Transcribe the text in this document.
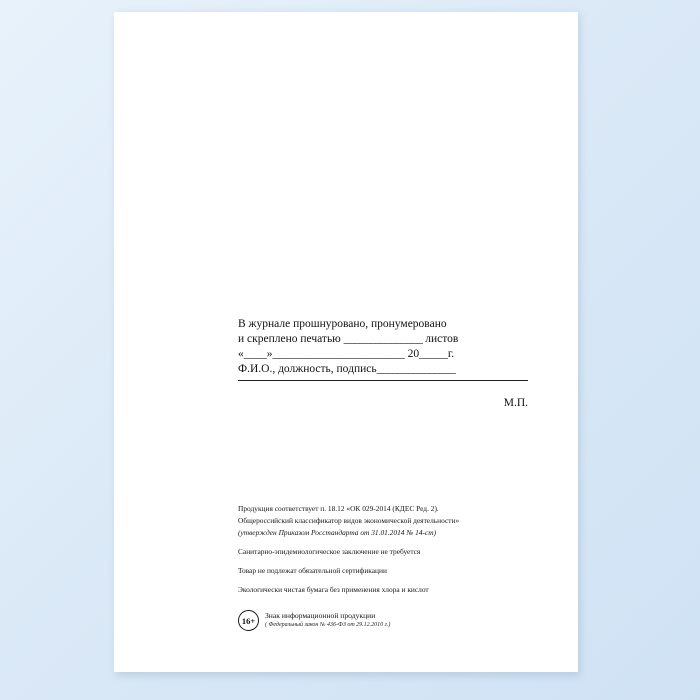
В журнале прошнуровано, пронумеровано
и скреплено печатью _______________ листов
«____»_______________________ 20_____г.
Ф.И.О., должность, подпись_______________
М.П.
Продукция соответствует п. 18.12 «ОК 029-2014 (КДЕС Ред. 2).
Общероссийский классификатор видов экономической деятельности»
(утвержден Приказом Росстандарта от 31.01.2014 № 14-ст)
Санитарно-эпидемиологическое заключение не требуется
Товар не подлежат обязательной сертификации
Экологически чистая бумага без применения хлора и кислот
16+	Знак информационной продукции
( Федеральный закон № 436-ФЗ от 29.12.2010 г.)
